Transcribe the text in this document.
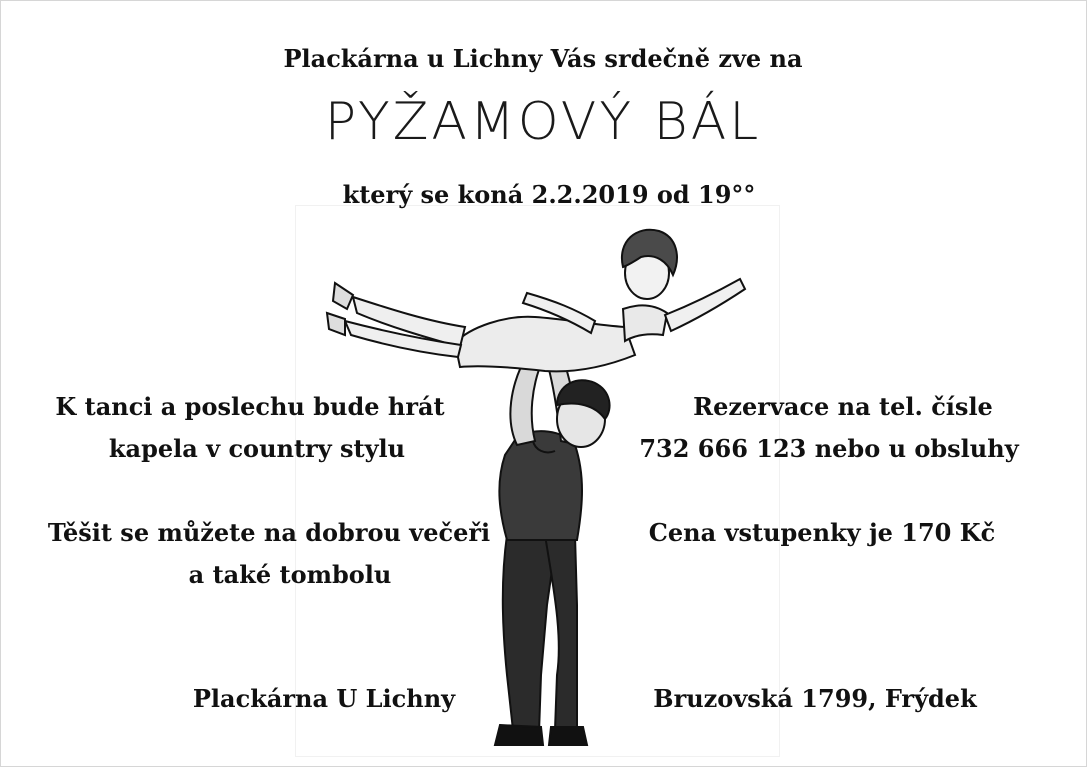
Plackárna u Lichny Vás srdečně zve na
PYŽAMOVÝ BÁL
který se koná 2.2.2019 od 19°°
K tanci a poslechu bude hrát
kapela v country stylu
Rezervace na tel. čísle
732 666 123 nebo u obsluhy
Těšit se můžete na dobrou večeři
a také tombolu
Cena vstupenky je 170 Kč
Plackárna U Lichny	Bruzovská 1799, Frýdek
